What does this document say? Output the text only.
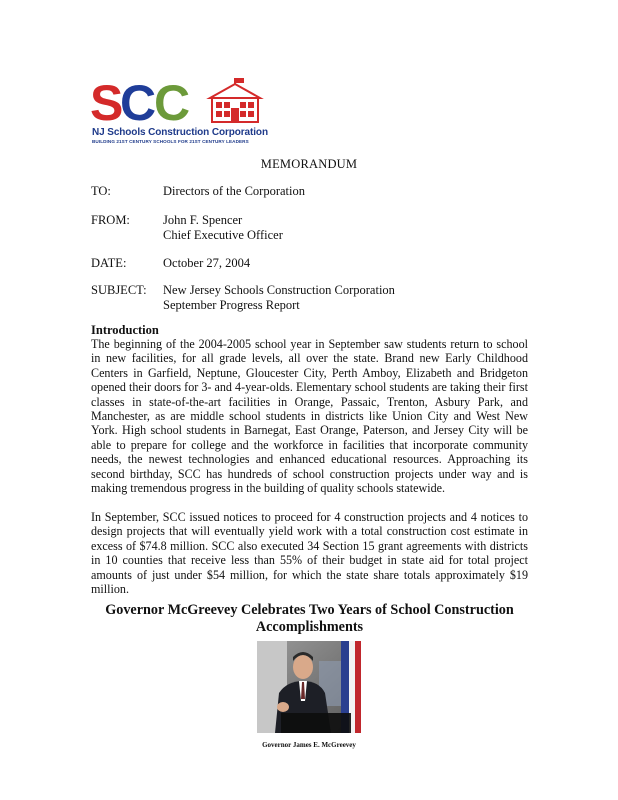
S C C
NJ Schools Construction Corporation
BUILDING 21ST CENTURY SCHOOLS FOR 21ST CENTURY LEADERS
MEMORANDUM
TO:	Directors of the Corporation
FROM:	John F. Spencer
Chief Executive Officer
DATE:	October 27, 2004
SUBJECT: New Jersey Schools Construction Corporation
September Progress Report
Introduction

The beginning of the 2004-2005 school year in September saw students return to school in new facilities, for all grade levels, all over the state. Brand new Early Childhood Centers in Garfield, Neptune, Gloucester City, Perth Amboy, Elizabeth and Bridgeton opened their doors for 3- and 4-year-olds. Elementary school students are taking their first classes in state-of-the-art facilities in Orange, Passaic, Trenton, Asbury Park, and Manchester, as are middle school students in districts like Union City and West New York. High school students in Barnegat, East Orange, Paterson, and Jersey City will be able to prepare for college and the workforce in facilities that incorporate community needs, the newest technologies and enhanced educational resources. Approaching its second birthday, SCC has hundreds of school construction projects under way and is making tremendous progress in the building of quality schools statewide.

In September, SCC issued notices to proceed for 4 construction projects and 4 notices to design projects that will eventually yield work with a total construction cost estimate in excess of $74.8 million. SCC also executed 34 Section 15 grant agreements with districts in 10 counties that receive less than 55% of their budget in state aid for total project amounts of just under $54 million, for which the state share totals approximately $19 million.

Governor McGreevey Celebrates Two Years of School Construction Accomplishments

Governor James E. McGreevey
